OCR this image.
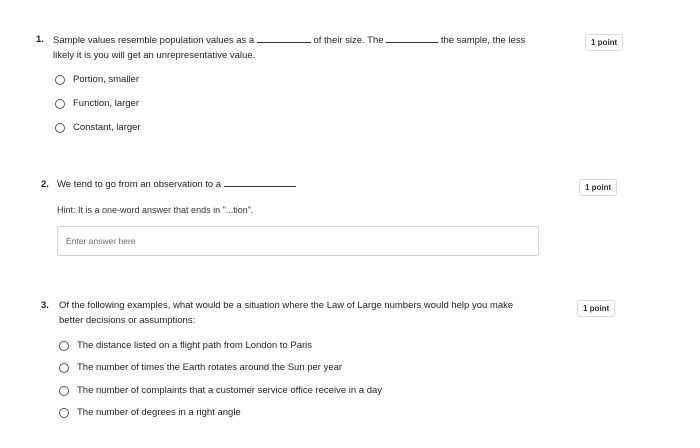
1. Sample values resemble population values as a	of their size. The	the sample, the less
likely it is you will get an unrepresentative value.
1 point
Portion, smaller
Function, larger
Constant, larger
2. We tend to go from an observation to a	1 point
Hint: It is a one-word answer that ends in "...tion".
Enter answer here
3. Of the following examples, what would be a situation where the Law of Large numbers would help you make
better decisions or assumptions:
1 point
The distance listed on a flight path from London to Paris
The number of times the Earth rotates around the Sun per year
The number of complaints that a customer service office receive in a day
The number of degrees in a right angle
